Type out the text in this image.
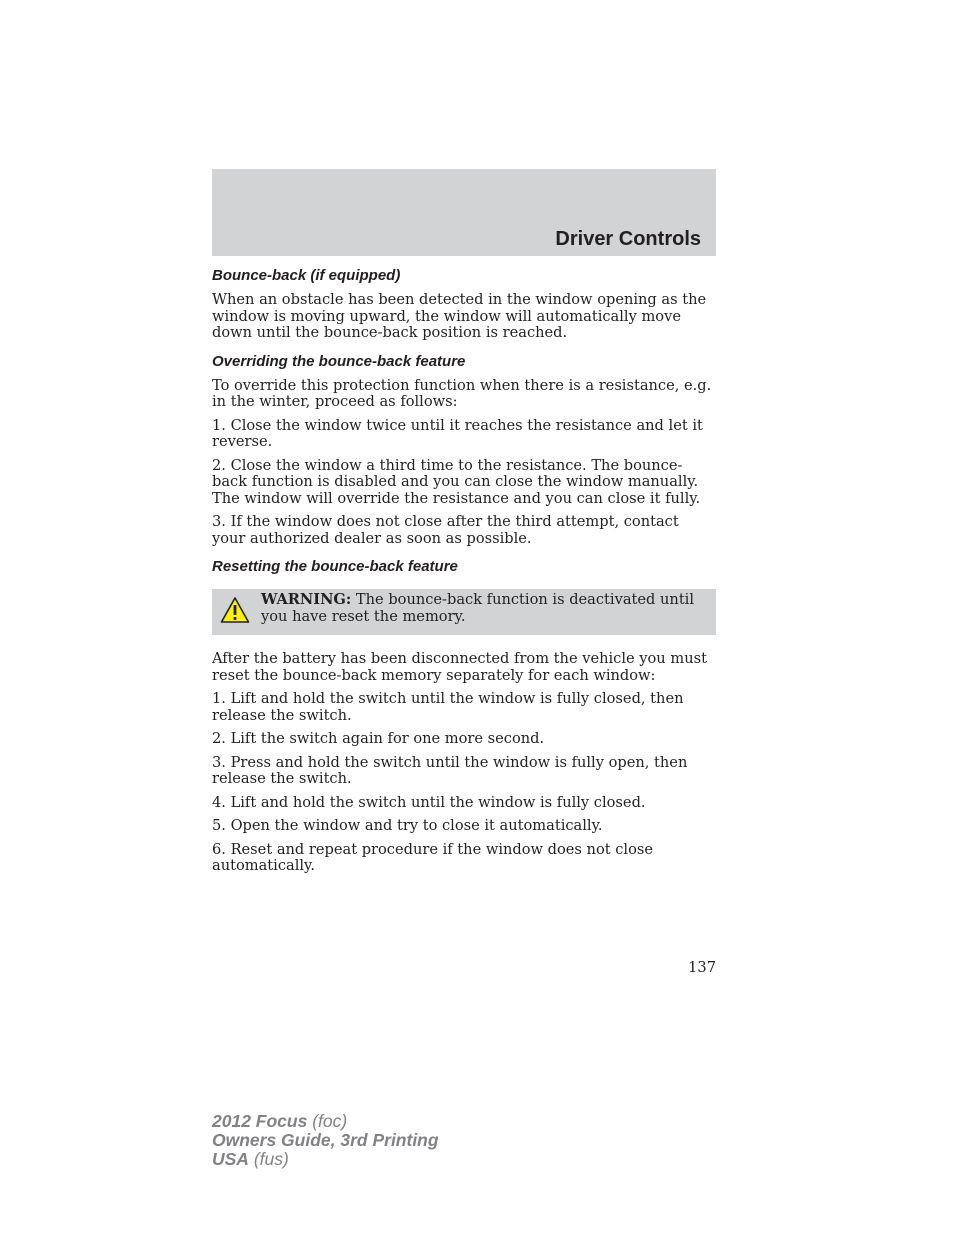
Driver Controls
Bounce-back (if equipped)

When an obstacle has been detected in the window opening as the window is moving upward, the window will automatically move down until the bounce-back position is reached.

Overriding the bounce-back feature

To override this protection function when there is a resistance, e.g. in the winter, proceed as follows:

1. Close the window twice until it reaches the resistance and let it reverse.

2. Close the window a third time to the resistance. The bounce-back function is disabled and you can close the window manually. The window will override the resistance and you can close it fully.

3. If the window does not close after the third attempt, contact your authorized dealer as soon as possible.

Resetting the bounce-back feature

WARNING: The bounce-back function is deactivated until you have reset the memory.

After the battery has been disconnected from the vehicle you must reset the bounce-back memory separately for each window:

1. Lift and hold the switch until the window is fully closed, then release the switch.

2. Lift the switch again for one more second.

3. Press and hold the switch until the window is fully open, then release the switch.

4. Lift and hold the switch until the window is fully closed.

5. Open the window and try to close it automatically.

6. Reset and repeat procedure if the window does not close automatically.

137
2012 Focus (foc)
Owners Guide, 3rd Printing
USA (fus)
